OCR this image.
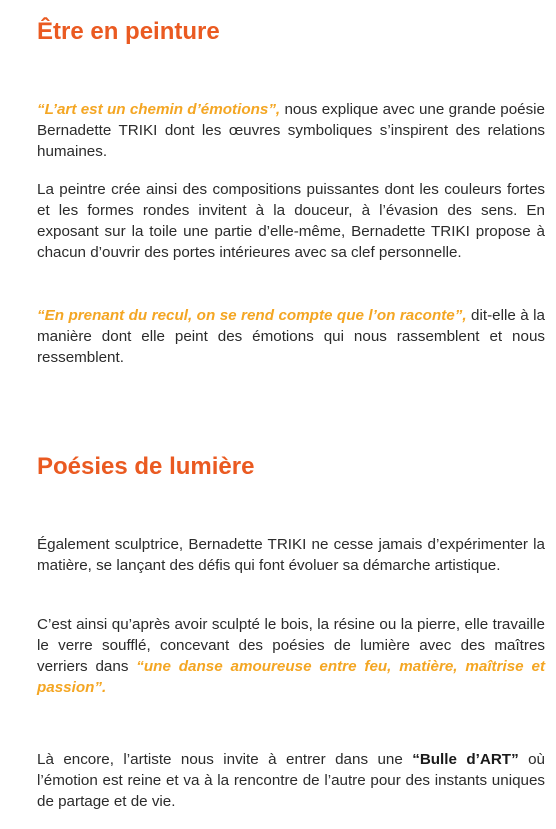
Être en peinture

“L’art est un chemin d’émotions”, nous explique avec une grande poésie Bernadette TRIKI dont les œuvres symboliques s’inspirent des relations humaines.

La peintre crée ainsi des compositions puissantes dont les couleurs fortes et les formes rondes invitent à la douceur, à l’évasion des sens. En exposant sur la toile une partie d’elle-même, Bernadette TRIKI propose à chacun d’ouvrir des portes intérieures avec sa clef personnelle.

“En prenant du recul, on se rend compte que l’on raconte”, dit-elle à la manière dont elle peint des émotions qui nous rassemblent et nous ressemblent.

Poésies de lumière

Également sculptrice, Bernadette TRIKI ne cesse jamais d’expérimenter la matière, se lançant des défis qui font évoluer sa démarche artistique.

C’est ainsi qu’après avoir sculpté le bois, la résine ou la pierre, elle travaille le verre soufflé, concevant des poésies de lumière avec des maîtres verriers dans “une danse amoureuse entre feu, matière, maîtrise et passion”.

Là encore, l’artiste nous invite à entrer dans une “Bulle d’ART” où l’émotion est reine et va à la rencontre de l’autre pour des instants uniques de partage et de vie.
